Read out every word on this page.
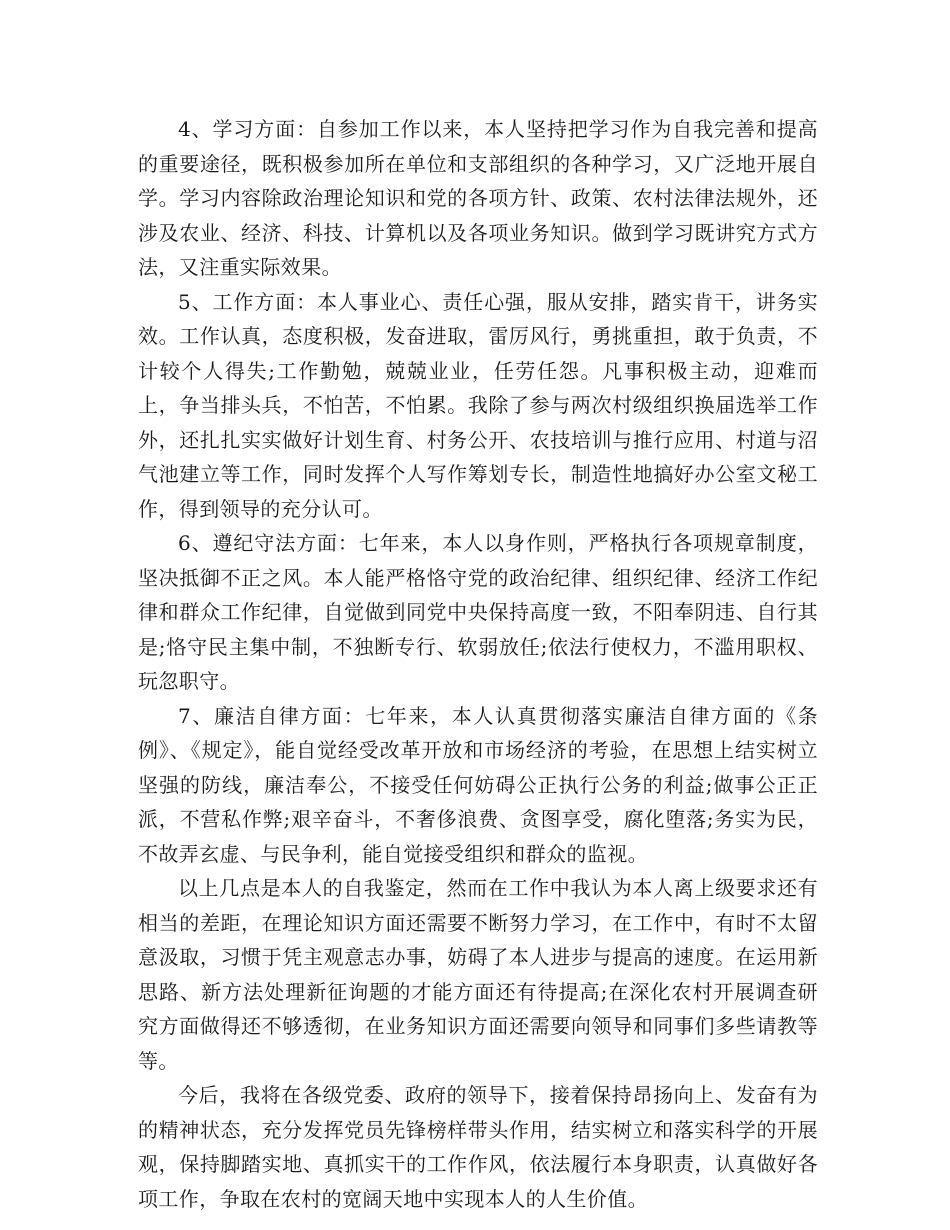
4、学习方面：自参加工作以来，本人坚持把学习作为自我完善和提高的重要途径，既积极参加所在单位和支部组织的各种学习，又广泛地开展自学。学习内容除政治理论知识和党的各项方针、政策、农村法律法规外，还涉及农业、经济、科技、计算机以及各项业务知识。做到学习既讲究方式方法，又注重实际效果。

5、工作方面：本人事业心、责任心强，服从安排，踏实肯干，讲务实效。工作认真，态度积极，发奋进取，雷厉风行，勇挑重担，敢于负责，不计较个人得失;工作勤勉，兢兢业业，任劳任怨。凡事积极主动，迎难而上，争当排头兵，不怕苦，不怕累。我除了参与两次村级组织换届选举工作外，还扎扎实实做好计划生育、村务公开、农技培训与推行应用、村道与沼气池建立等工作，同时发挥个人写作筹划专长，制造性地搞好办公室文秘工作，得到领导的充分认可。

6、遵纪守法方面：七年来，本人以身作则，严格执行各项规章制度，坚决抵御不正之风。本人能严格恪守党的政治纪律、组织纪律、经济工作纪律和群众工作纪律，自觉做到同党中央保持高度一致，不阳奉阴违、自行其是;恪守民主集中制，不独断专行、软弱放任;依法行使权力，不滥用职权、玩忽职守。

7、廉洁自律方面：七年来，本人认真贯彻落实廉洁自律方面的《条例》、《规定》，能自觉经受改革开放和市场经济的考验，在思想上结实树立坚强的防线，廉洁奉公，不接受任何妨碍公正执行公务的利益;做事公正正派，不营私作弊;艰辛奋斗，不奢侈浪费、贪图享受，腐化堕落;务实为民，不故弄玄虚、与民争利，能自觉接受组织和群众的监视。

以上几点是本人的自我鉴定，然而在工作中我认为本人离上级要求还有相当的差距，在理论知识方面还需要不断努力学习，在工作中，有时不太留意汲取，习惯于凭主观意志办事，妨碍了本人进步与提高的速度。在运用新思路、新方法处理新征询题的才能方面还有待提高;在深化农村开展调查研究方面做得还不够透彻，在业务知识方面还需要向领导和同事们多些请教等等。

今后，我将在各级党委、政府的领导下，接着保持昂扬向上、发奋有为的精神状态，充分发挥党员先锋榜样带头作用，结实树立和落实科学的开展观，保持脚踏实地、真抓实干的工作作风，依法履行本身职责，认真做好各项工作，争取在农村的宽阔天地中实现本人的人生价值。
